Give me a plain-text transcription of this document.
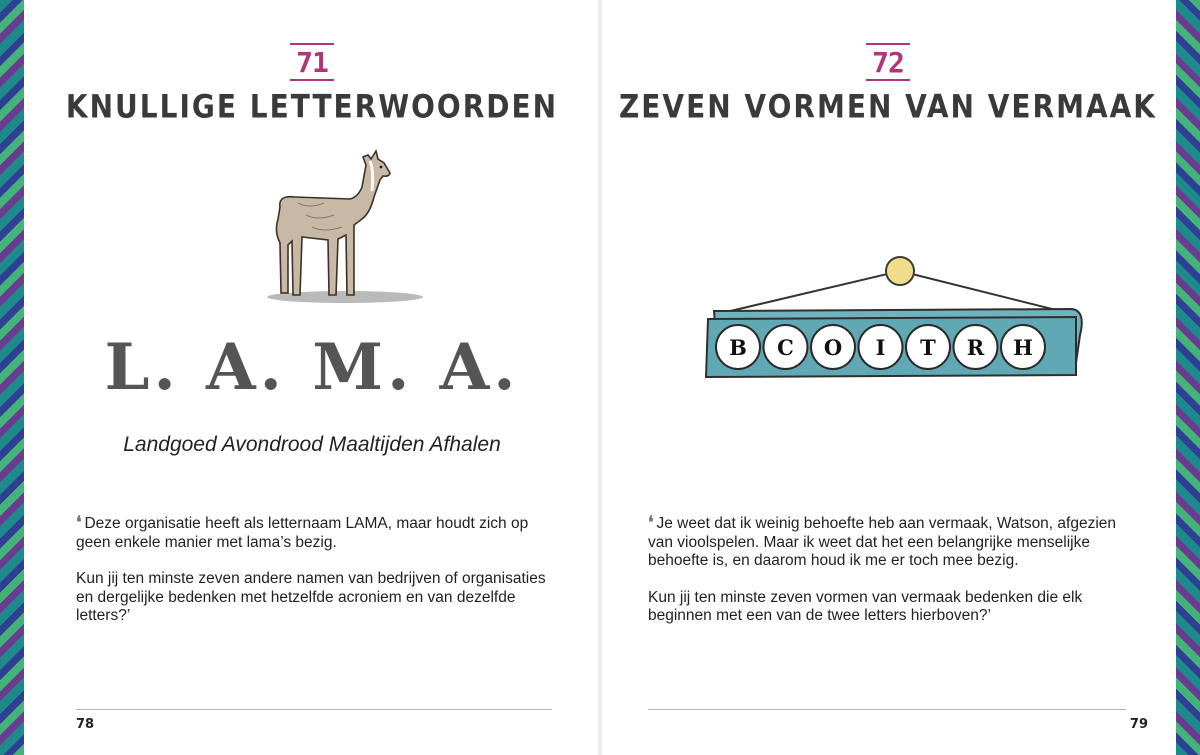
71
KNULLIGE LETTERWOORDEN
L. A. M. A.
Landgoed Avondrood Maaltijden Afhalen

❛ Deze organisatie heeft als letternaam LAMA, maar houdt zich op geen enkele manier met lama’s bezig.

Kun jij ten minste zeven andere namen van bedrijven of organisaties en dergelijke bedenken met hetzelfde acroniem en van dezelfde letters?’

78
72
ZEVEN VORMEN VAN VERMAAK
B C O I T R H

❛ Je weet dat ik weinig behoefte heb aan vermaak, Watson, afgezien van vioolspelen. Maar ik weet dat het een belangrijke menselijke behoefte is, en daarom houd ik me er toch mee bezig.

Kun jij ten minste zeven vormen van vermaak bedenken die elk beginnen met een van de twee letters hierboven?’

79
